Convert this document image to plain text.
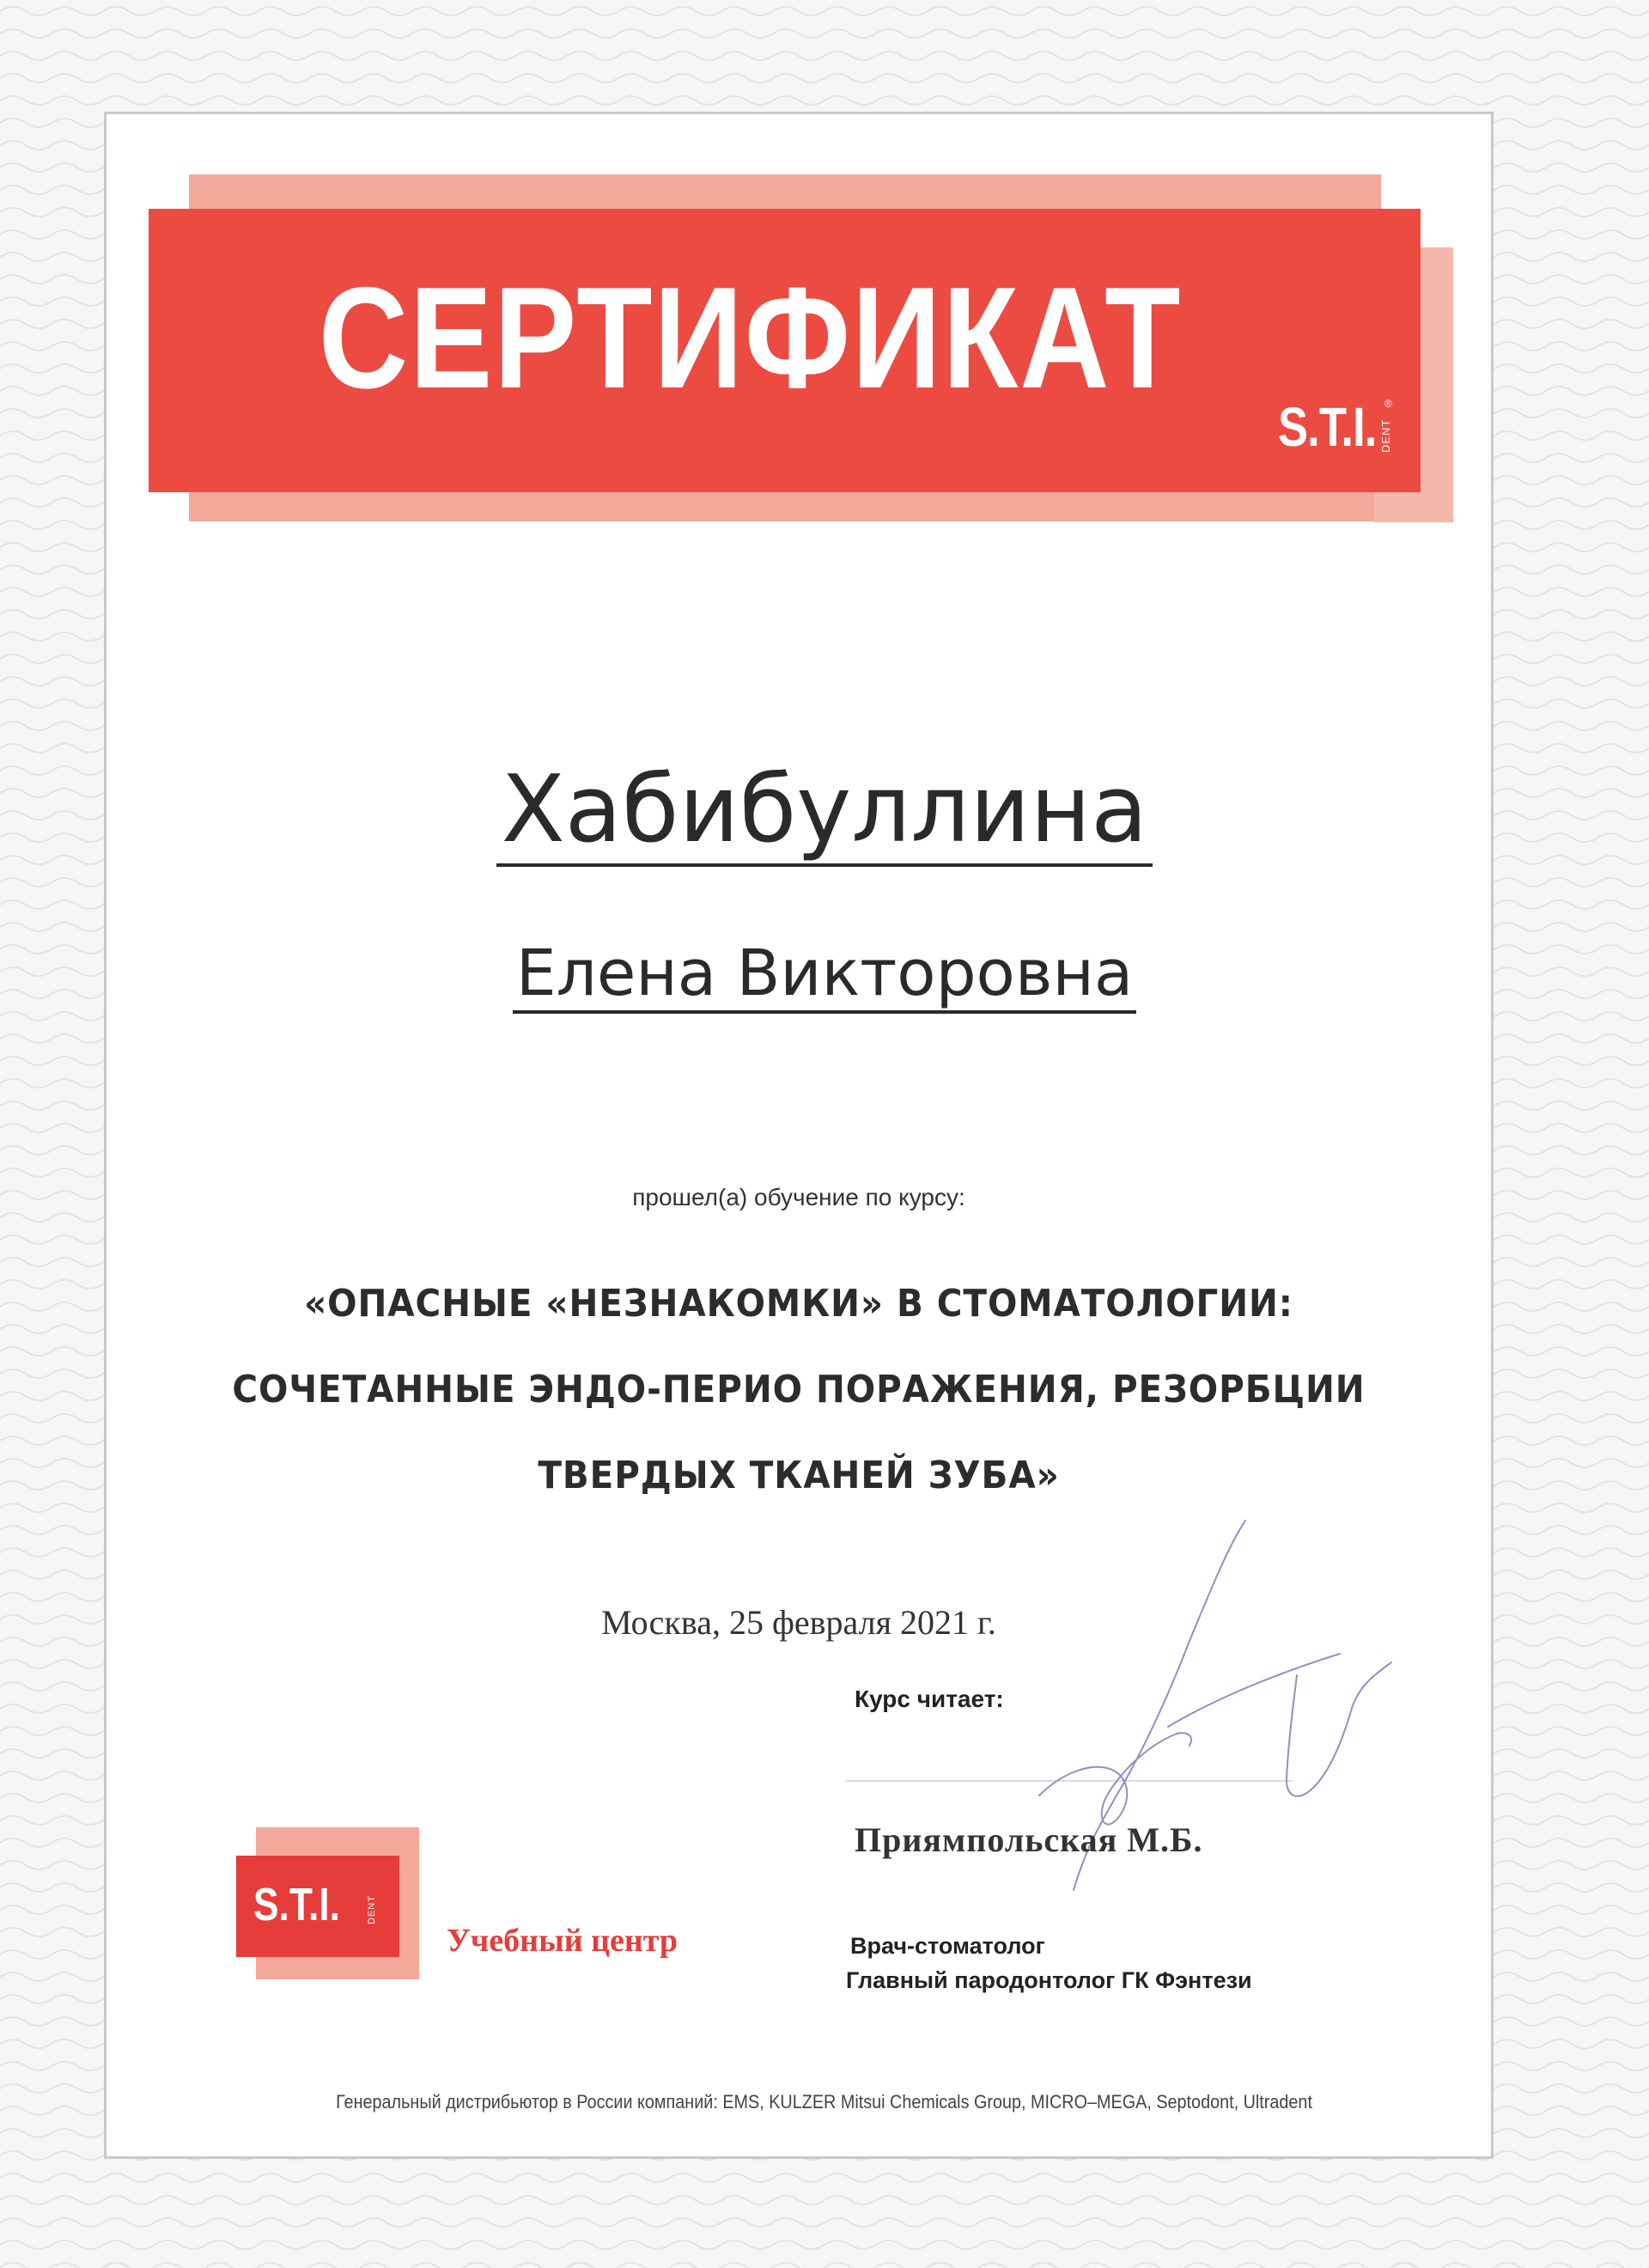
СЕРТИФИКАТ
S.T.I. DENT
®
Хабибуллина
Елена Викторовна
прошел(а) обучение по курсу:
«ОПАСНЫЕ «НЕЗНАКОМКИ» В СТОМАТОЛОГИИ:
СОЧЕТАННЫЕ ЭНДО-ПЕРИО ПОРАЖЕНИЯ, РЕЗОРБЦИИ
ТВЕРДЫХ ТКАНЕЙ ЗУБА»
Москва, 25 февраля 2021 г.
Курс читает:
Приямпольская М.Б.
Врач-стоматолог
Главный пародонтолог ГК Фэнтези
S.T.I.	DENT
Учебный центр
Генеральный дистрибьютор в России компаний: EMS, KULZER Mitsui Chemicals Group, MICRO–MEGA, Septodont, Ultradent
